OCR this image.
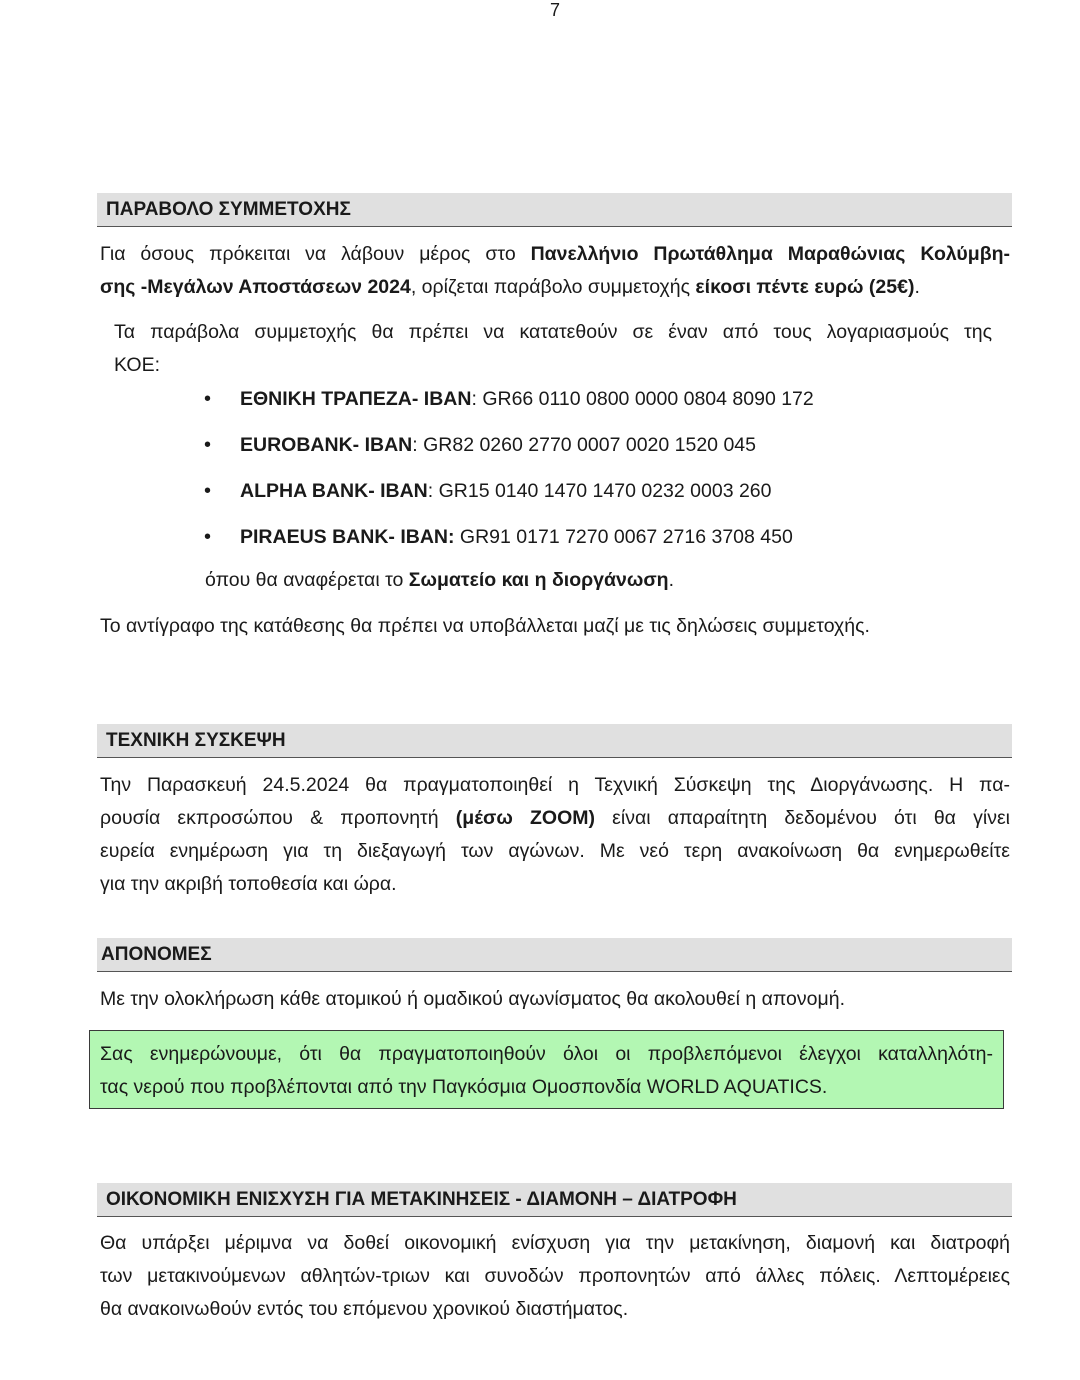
7
ΠΑΡΑΒΟΛΟ ΣΥΜΜΕΤΟΧΗΣ
Για όσους πρόκειται να λάβουν μέρος στο Πανελλήνιο Πρωτάθλημα Μαραθώνιας Κολύμβη-
σης -Μεγάλων Αποστάσεων 2024, ορίζεται παράβολο συμμετοχής είκοσι πέντε ευρώ (25€).
Τα παράβολα συμμετοχής θα πρέπει να κατατεθούν σε έναν από τους λογαριασμούς της
ΚΟΕ:
• ΕΘΝΙΚΗ ΤΡΑΠΕΖΑ- IBAN: GR66 0110 0800 0000 0804 8090 172
• EUROBANK- IBAN: GR82 0260 2770 0007 0020 1520 045
• ALPHA BANK- IBAN: GR15 0140 1470 1470 0232 0003 260
• PIRAEUS BANK- IBAN: GR91 0171 7270 0067 2716 3708 450
όπου θα αναφέρεται το Σωματείο και η διοργάνωση.
Το αντίγραφο της κατάθεσης θα πρέπει να υποβάλλεται μαζί με τις δηλώσεις συμμετοχής.
ΤΕΧΝΙΚΗ ΣΥΣΚΕΨΗ
Την Παρασκευή 24.5.2024 θα πραγματοποιηθεί η Τεχνική Σύσκεψη της Διοργάνωσης. Η πα-
ρουσία εκπροσώπου & προπονητή (μέσω ZOOM) είναι απαραίτητη δεδομένου ότι θα γίνει
ευρεία ενημέρωση για τη διεξαγωγή των αγώνων. Με νεό τερη ανακοίνωση θα ενημερωθείτε
για την ακριβή τοποθεσία και ώρα.
ΑΠΟΝΟΜΕΣ
Με την ολοκλήρωση κάθε ατομικού ή ομαδικού αγωνίσματος θα ακολουθεί η απονομή.
Σας ενημερώνουμε, ότι θα πραγματοποιηθούν όλοι οι προβλεπόμενοι έλεγχοι καταλληλότη-
τας νερού που προβλέπονται από την Παγκόσμια Ομοσπονδία WORLD AQUATICS.
ΟΙΚΟΝΟΜΙΚΗ ΕΝΙΣΧΥΣΗ ΓΙΑ ΜΕΤΑΚΙΝΗΣΕΙΣ - ΔΙΑΜΟΝΗ – ΔΙΑΤΡΟΦΗ
Θα υπάρξει μέριμνα να δοθεί οικονομική ενίσχυση για την μετακίνηση, διαμονή και διατροφή
των μετακινούμενων αθλητών-τριων και συνοδών προπονητών από άλλες πόλεις. Λεπτομέρειες
θα ανακοινωθούν εντός του επόμενου χρονικού διαστήματος.
